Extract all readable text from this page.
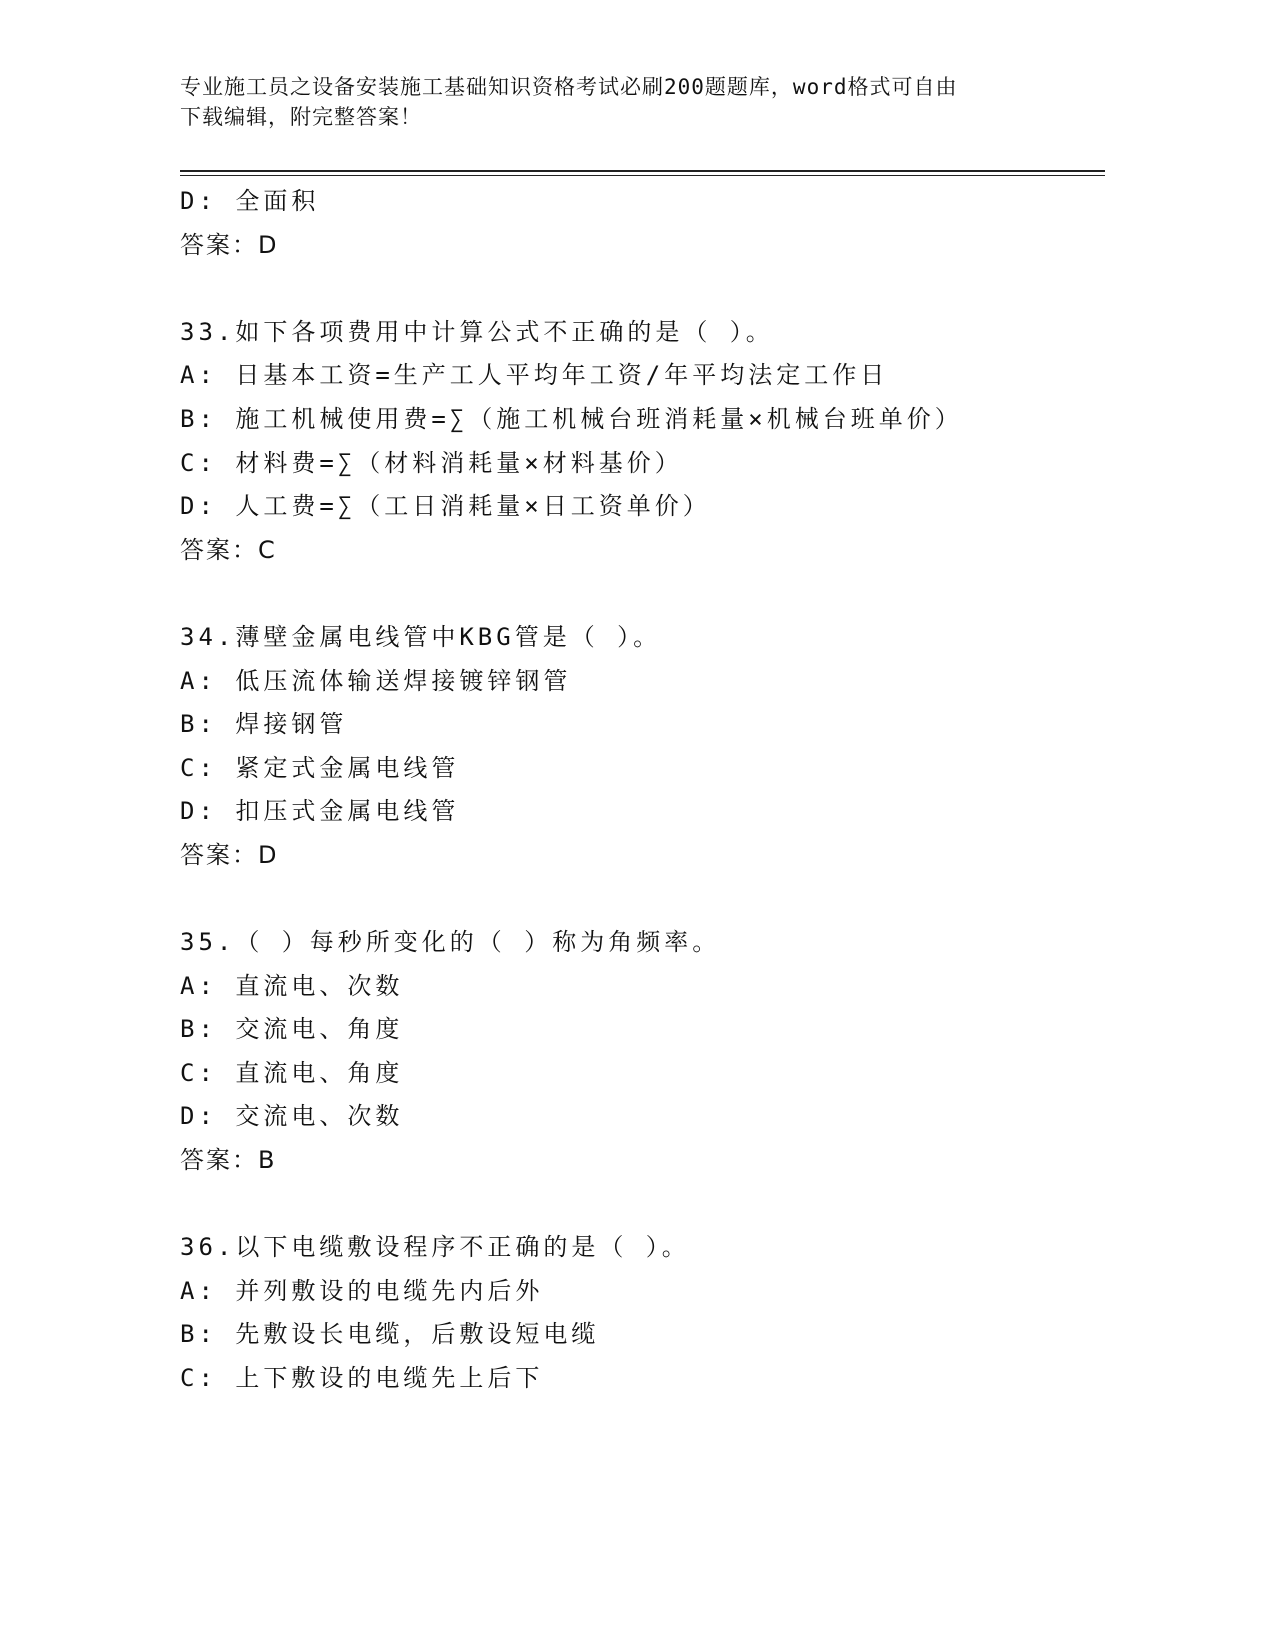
专业施工员之设备安装施工基础知识资格考试必刷200题题库，word格式可自由
下载编辑，附完整答案！
D: 全面积
答案：D
33.如下各项费用中计算公式不正确的是（ ）。
A: 日基本工资=生产工人平均年工资/年平均法定工作日
B: 施工机械使用费=∑（施工机械台班消耗量×机械台班单价）
C: 材料费=∑（材料消耗量×材料基价）
D: 人工费=∑（工日消耗量×日工资单价）
答案：C
34.薄壁金属电线管中KBG管是（ ）。
A: 低压流体输送焊接镀锌钢管
B: 焊接钢管
C: 紧定式金属电线管
D: 扣压式金属电线管
答案：D
35.（ ）每秒所变化的（ ）称为角频率。
A: 直流电、次数
B: 交流电、角度
C: 直流电、角度
D: 交流电、次数
答案：B
36.以下电缆敷设程序不正确的是（ ）。
A: 并列敷设的电缆先内后外
B: 先敷设长电缆，后敷设短电缆
C: 上下敷设的电缆先上后下
